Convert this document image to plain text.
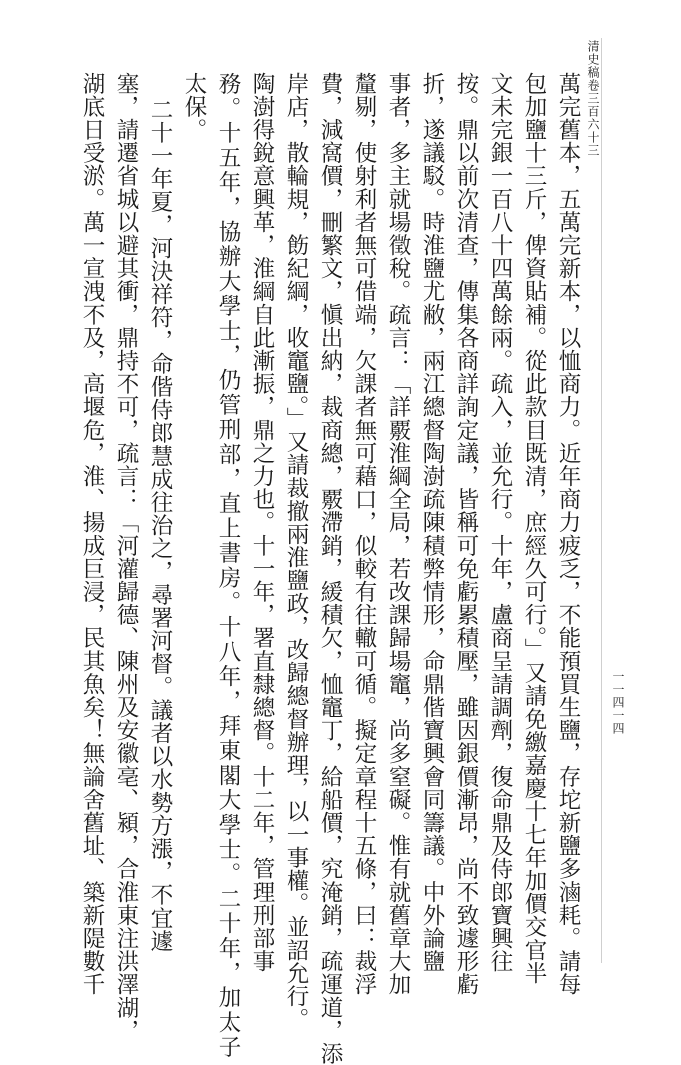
清史稿卷三百六十三
一一四一四
萬完舊本，五萬完新本，以恤商力。近年商力疲乏，不能預買生鹽，存坨新鹽多滷耗。請每
包加鹽十三斤，俾資貼補。從此款目既清，庶經久可行。」又請免繳嘉慶十七年加價交官半
文未完銀一百八十四萬餘兩。疏入，並允行。十年，盧商呈請調劑，復命鼎及侍郎寶興往
按。鼎以前次清查，傳集各商詳詢定議，皆稱可免虧累積壓，雖因銀價漸昂，尚不致遽形虧
折，遂議駁。時淮鹽尤敝，兩江總督陶澍疏陳積弊情形，命鼎偕寶興會同籌議。中外論鹽
事者，多主就場徵稅。疏言：「詳覈淮綱全局，若改課歸場竈，尚多窒礙。惟有就舊章大加
釐剔，使射利者無可借端，欠課者無可藉口，似較有往轍可循。擬定章程十五條，曰：裁浮
費，減窩價，刪繁文，愼出納，裁商總，覈滯銷，緩積欠，恤竈丁，給船價，究淹銷，疏運道，添
岸店，散輪規，飭紀綱，收竈鹽。」又請裁撤兩淮鹽政，改歸總督辦理，以一事權。並詔允行。
陶澍得銳意興革，淮綱自此漸振，鼎之力也。十一年，署直隸總督。十二年，管理刑部事
務。十五年，協辦大學士，仍管刑部，直上書房。十八年，拜東閣大學士。二十年，加太子
太保。
二十一年夏，河決祥符，命偕侍郎慧成往治之，尋署河督。議者以水勢方漲，不宜遽
塞，請遷省城以避其衝，鼎持不可，疏言：「河灌歸德、陳州及安徽亳、潁，合淮東注洪澤湖，
湖底日受淤。萬一宣洩不及，高堰危，淮、揚成巨浸，民其魚矣！無論舍舊址、築新隄數千
